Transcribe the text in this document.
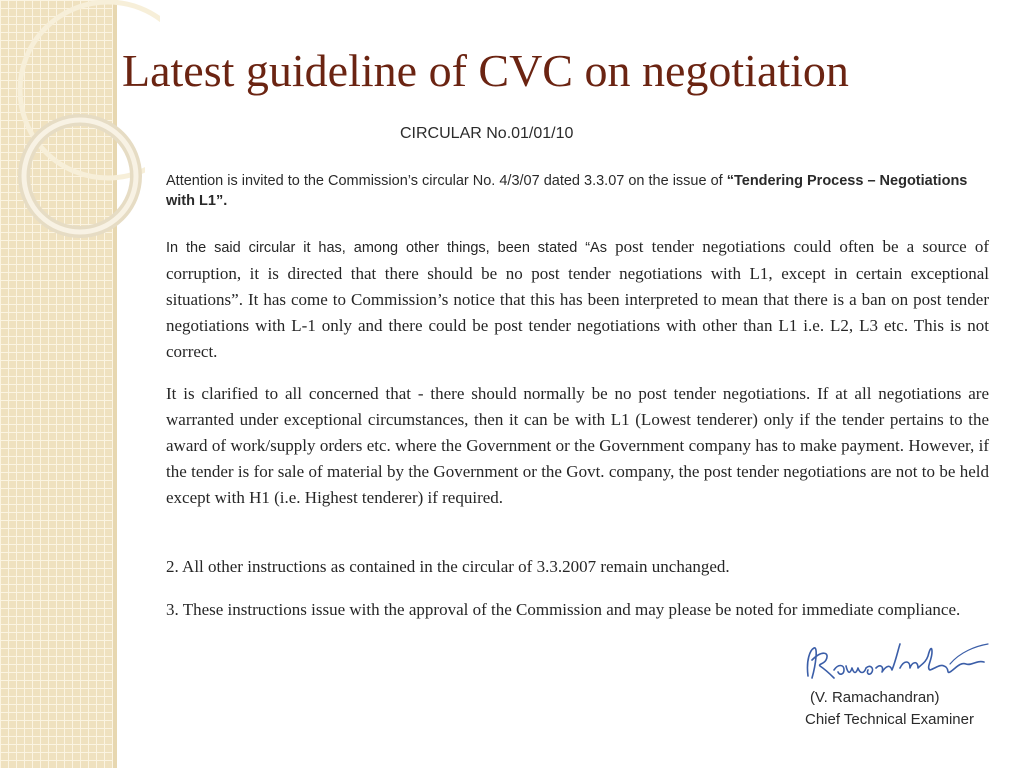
Latest guideline of CVC on negotiation
CIRCULAR No.01/01/10

Attention is invited to the Commission’s circular No. 4/3/07 dated 3.3.07 on the issue of “Tendering Process – Negotiations with L1”.

In the said circular it has, among other things, been stated “As post tender negotiations could often be a source of corruption, it is directed that there should be no post tender negotiations with L1, except in certain exceptional situations”. It has come to Commission’s notice that this has been interpreted to mean that there is a ban on post tender negotiations with L-1 only and there could be post tender negotiations with other than L1 i.e. L2, L3 etc. This is not correct.

It is clarified to all concerned that - there should normally be no post tender negotiations. If at all negotiations are warranted under exceptional circumstances, then it can be with L1 (Lowest tenderer) only if the tender pertains to the award of work/supply orders etc. where the Government or the Government company has to make payment. However, if the tender is for sale of material by the Government or the Govt. company, the post tender negotiations are not to be held except with H1 (i.e. Highest tenderer) if required.

2. All other instructions as contained in the circular of 3.3.2007 remain unchanged.

3. These instructions issue with the approval of the Commission and may please be noted for immediate compliance.

(V. Ramachandran)
Chief Technical Examiner
